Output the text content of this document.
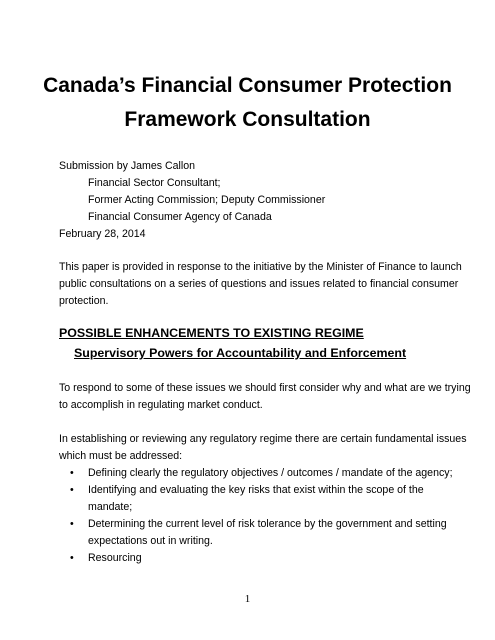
Canada’s Financial Consumer Protection
Framework Consultation
Submission by James Callon
Financial Sector Consultant;
Former Acting Commission; Deputy Commissioner
Financial Consumer Agency of Canada
February 28, 2014
This paper is provided in response to the initiative by the Minister of Finance to launch
public consultations on a series of questions and issues related to financial consumer
protection.
POSSIBLE ENHANCEMENTS TO EXISTING REGIME
Supervisory Powers for Accountability and Enforcement
To respond to some of these issues we should first consider why and what are we trying
to accomplish in regulating market conduct.
In establishing or reviewing any regulatory regime there are certain fundamental issues
which must be addressed:
•	Defining clearly the regulatory objectives / outcomes / mandate of the agency;
•	Identifying and evaluating the key risks that exist within the scope of the
mandate;
•	Determining the current level of risk tolerance by the government and setting
expectations out in writing.
•	Resourcing
1
